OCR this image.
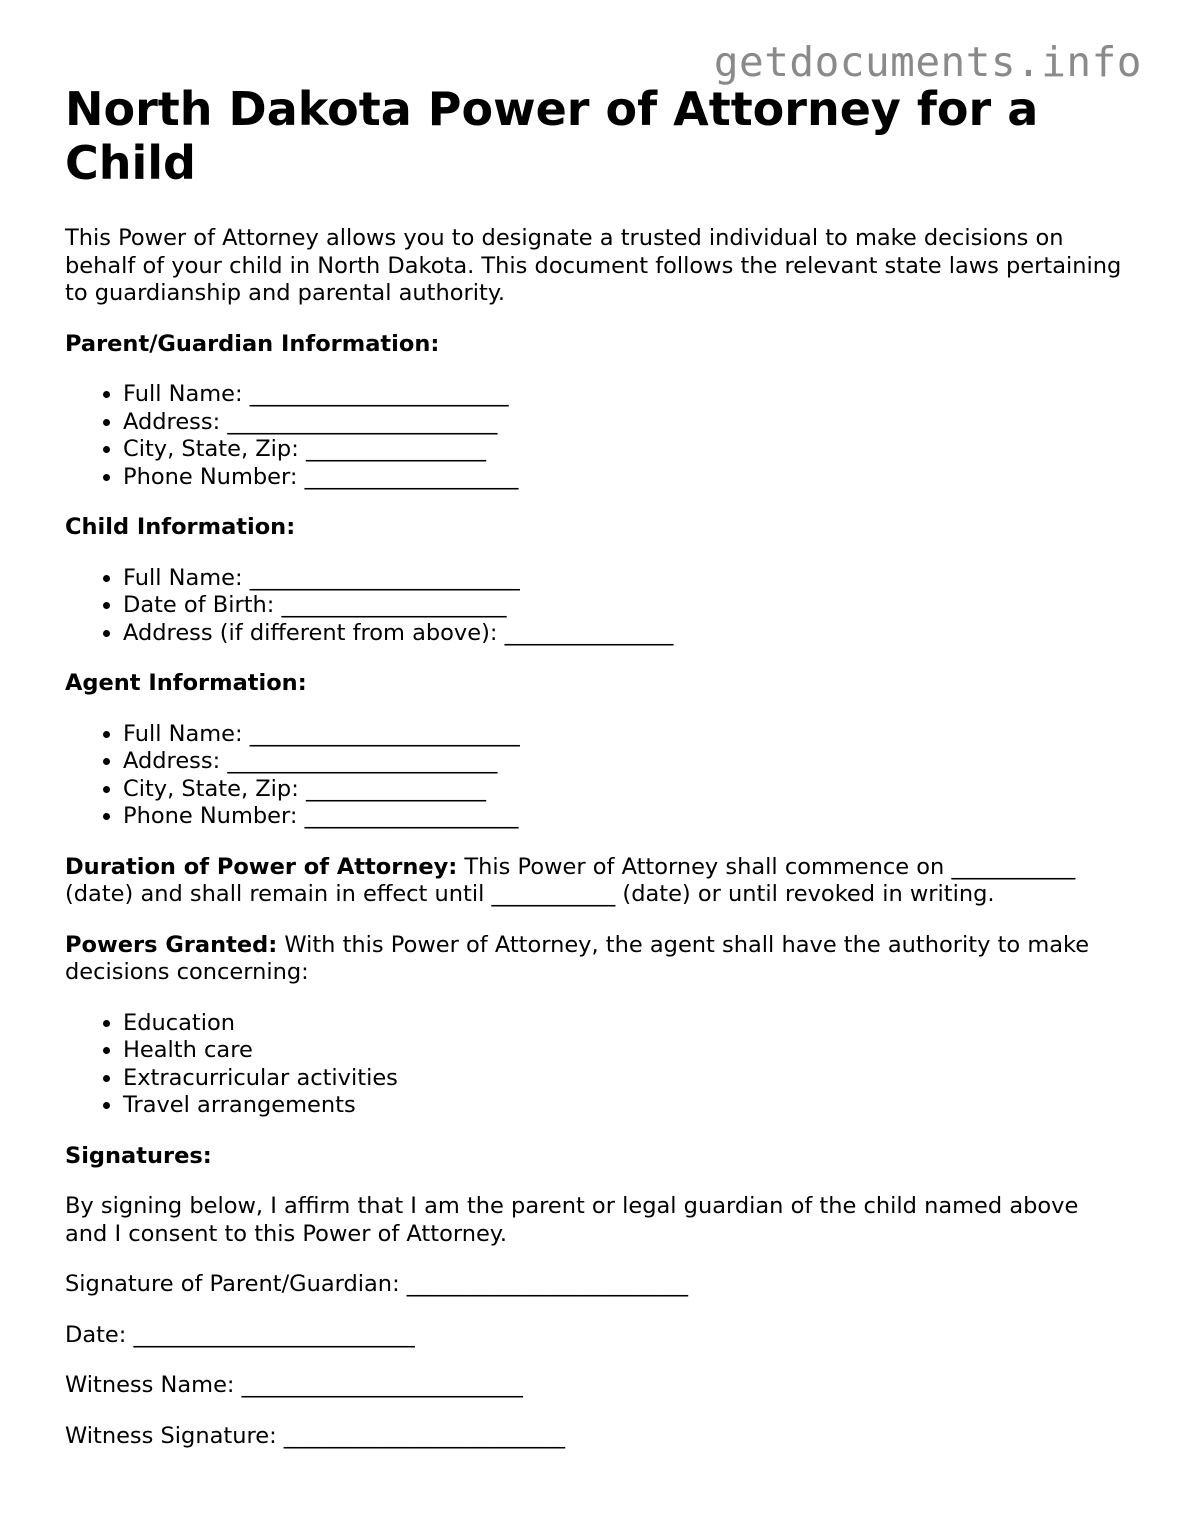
getdocuments.info
North Dakota Power of Attorney for a Child

This Power of Attorney allows you to designate a trusted individual to make decisions on behalf of your child in North Dakota. This document follows the relevant state laws pertaining to guardianship and parental authority.

Parent/Guardian Information:

• Full Name: _______________________
• Address: ________________________
• City, State, Zip: ________________
• Phone Number: ___________________

Child Information:

• Full Name: ________________________
• Date of Birth: ____________________
• Address (if different from above): _______________

Agent Information:

• Full Name: ________________________
• Address: ________________________
• City, State, Zip: ________________
• Phone Number: ___________________

Duration of Power of Attorney: This Power of Attorney shall commence on ___________ (date) and shall remain in effect until ___________ (date) or until revoked in writing.

Powers Granted: With this Power of Attorney, the agent shall have the authority to make decisions concerning:

• Education
• Health care
• Extracurricular activities
• Travel arrangements

Signatures:

By signing below, I affirm that I am the parent or legal guardian of the child named above and I consent to this Power of Attorney.

Signature of Parent/Guardian: _________________________

Date: _________________________

Witness Name: _________________________

Witness Signature: _________________________
